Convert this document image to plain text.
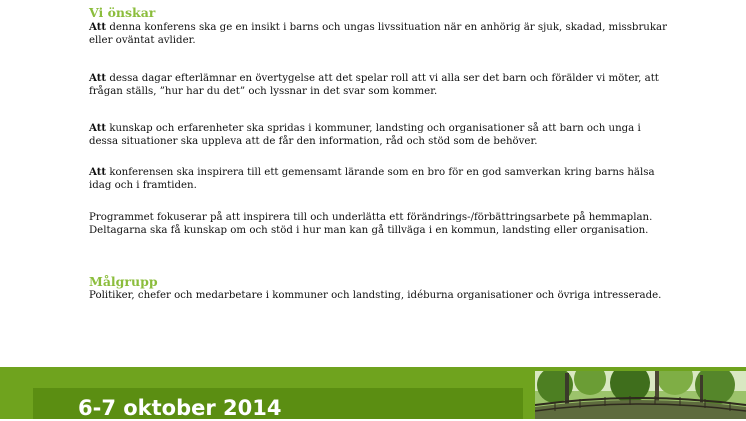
Vi önskar

Att denna konferens ska ge en insikt i barns och ungas livssituation när en anhörig är sjuk, skadad, missbrukar eller oväntat avlider.

Att dessa dagar efterlämnar en övertygelse att det spelar roll att vi alla ser det barn och förälder vi möter, att frågan ställs, ”hur har du det” och lyssnar in det svar som kommer.

Att kunskap och erfarenheter ska spridas i kommuner, landsting och organisationer så att barn och unga i dessa situationer ska uppleva att de får den information, råd och stöd som de behöver.

Att konferensen ska inspirera till ett gemensamt lärande som en bro för en god samverkan kring barns hälsa idag och i framtiden.

Programmet fokuserar på att inspirera till och underlätta ett förändrings-/förbättringsarbete på hemmaplan. Deltagarna ska få kunskap om och stöd i hur man kan gå tillväga i en kommun, landsting eller organisation.

Målgrupp

Politiker, chefer och medarbetare i kommuner och landsting, idéburna organisationer och övriga intresserade.

6-7 oktober 2014
